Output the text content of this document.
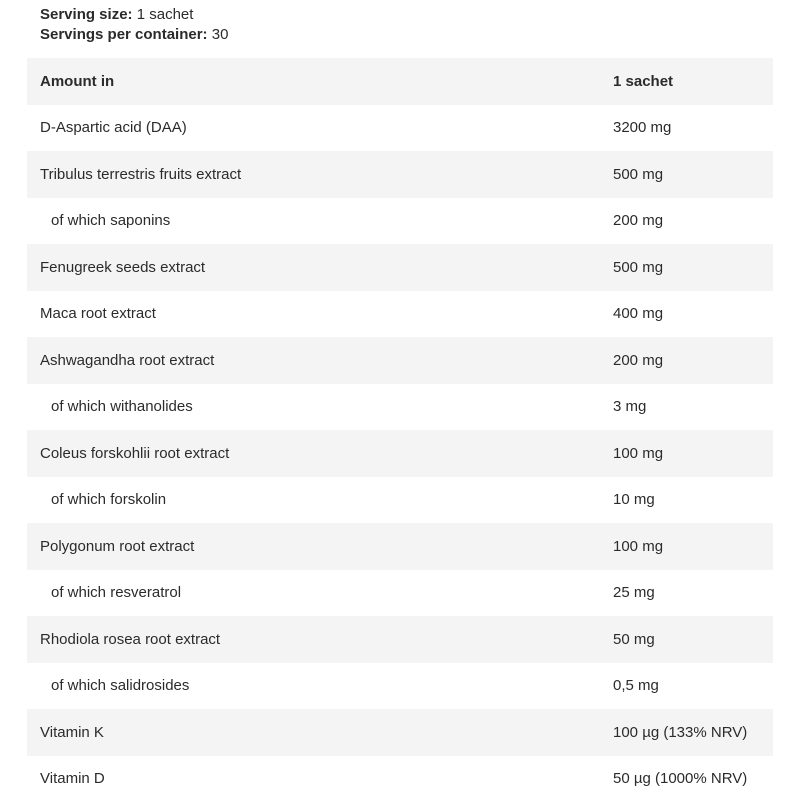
Serving size: 1 sachet
Servings per container: 30
Amount in	1 sachet
D-Aspartic acid (DAA)	3200 mg
Tribulus terrestris fruits extract	500 mg
of which saponins	200 mg
Fenugreek seeds extract	500 mg
Maca root extract	400 mg
Ashwagandha root extract	200 mg
of which withanolides	3 mg
Coleus forskohlii root extract	100 mg
of which forskolin	10 mg
Polygonum root extract	100 mg
of which resveratrol	25 mg
Rhodiola rosea root extract	50 mg
of which salidrosides	0,5 mg
Vitamin K	100 µg (133% NRV)
Vitamin D	50 µg (1000% NRV)
